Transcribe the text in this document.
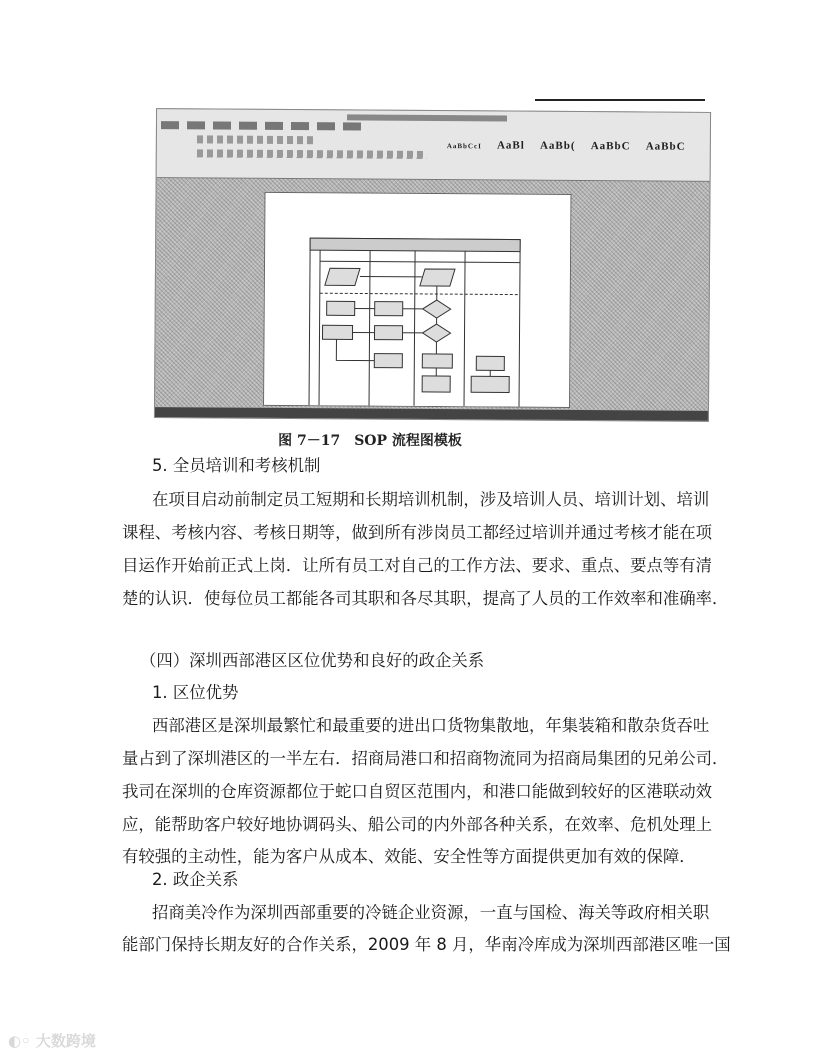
AaBbCcI AaBl AaBb( AaBbC AaBbC
图 7－17　SOP 流程图模板
5. 全员培训和考核机制
在项目启动前制定员工短期和长期培训机制，涉及培训人员、培训计划、培训
课程、考核内容、考核日期等，做到所有涉岗员工都经过培训并通过考核才能在项
目运作开始前正式上岗．让所有员工对自己的工作方法、要求、重点、要点等有清
楚的认识．使每位员工都能各司其职和各尽其职，提高了人员的工作效率和准确率．
（四）深圳西部港区区位优势和良好的政企关系
1. 区位优势
西部港区是深圳最繁忙和最重要的进出口货物集散地，年集装箱和散杂货吞吐
量占到了深圳港区的一半左右．招商局港口和招商物流同为招商局集团的兄弟公司．
我司在深圳的仓库资源都位于蛇口自贸区范围内，和港口能做到较好的区港联动效
应，能帮助客户较好地协调码头、船公司的内外部各种关系，在效率、危机处理上
有较强的主动性，能为客户从成本、效能、安全性等方面提供更加有效的保障．
2. 政企关系
招商美冷作为深圳西部重要的冷链企业资源，一直与国检、海关等政府相关职
能部门保持长期友好的合作关系，2009 年 8 月，华南冷库成为深圳西部港区唯一国
◐◦ 大数跨境
